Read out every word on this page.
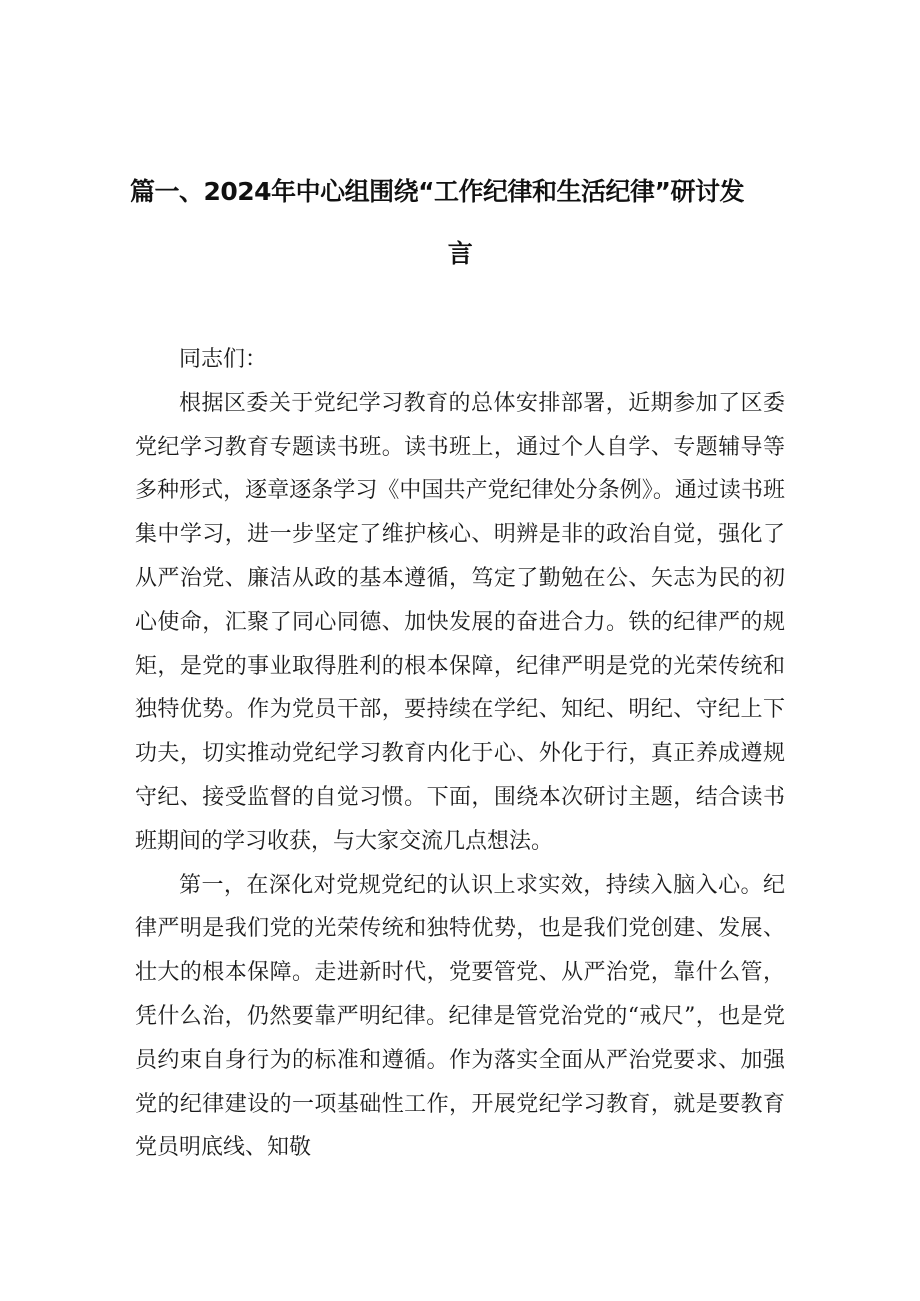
篇一、2024年中心组围绕“工作纪律和生活纪律”研讨发
言

同志们：

根据区委关于党纪学习教育的总体安排部署，近期参加了区委党纪学习教育专题读书班。读书班上，通过个人自学、专题辅导等多种形式，逐章逐条学习《中国共产党纪律处分条例》。通过读书班集中学习，进一步坚定了维护核心、明辨是非的政治自觉，强化了从严治党、廉洁从政的基本遵循，笃定了勤勉在公、矢志为民的初心使命，汇聚了同心同德、加快发展的奋进合力。铁的纪律严的规矩，是党的事业取得胜利的根本保障，纪律严明是党的光荣传统和独特优势。作为党员干部，要持续在学纪、知纪、明纪、守纪上下功夫，切实推动党纪学习教育内化于心、外化于行，真正养成遵规守纪、接受监督的自觉习惯。下面，围绕本次研讨主题，结合读书班期间的学习收获，与大家交流几点想法。

第一，在深化对党规党纪的认识上求实效，持续入脑入心。纪律严明是我们党的光荣传统和独特优势，也是我们党创建、发展、壮大的根本保障。走进新时代，党要管党、从严治党，靠什么管，凭什么治，仍然要靠严明纪律。纪律是管党治党的“戒尺”，也是党员约束自身行为的标准和遵循。作为落实全面从严治党要求、加强党的纪律建设的一项基础性工作，开展党纪学习教育，就是要教育党员明底线、知敬
